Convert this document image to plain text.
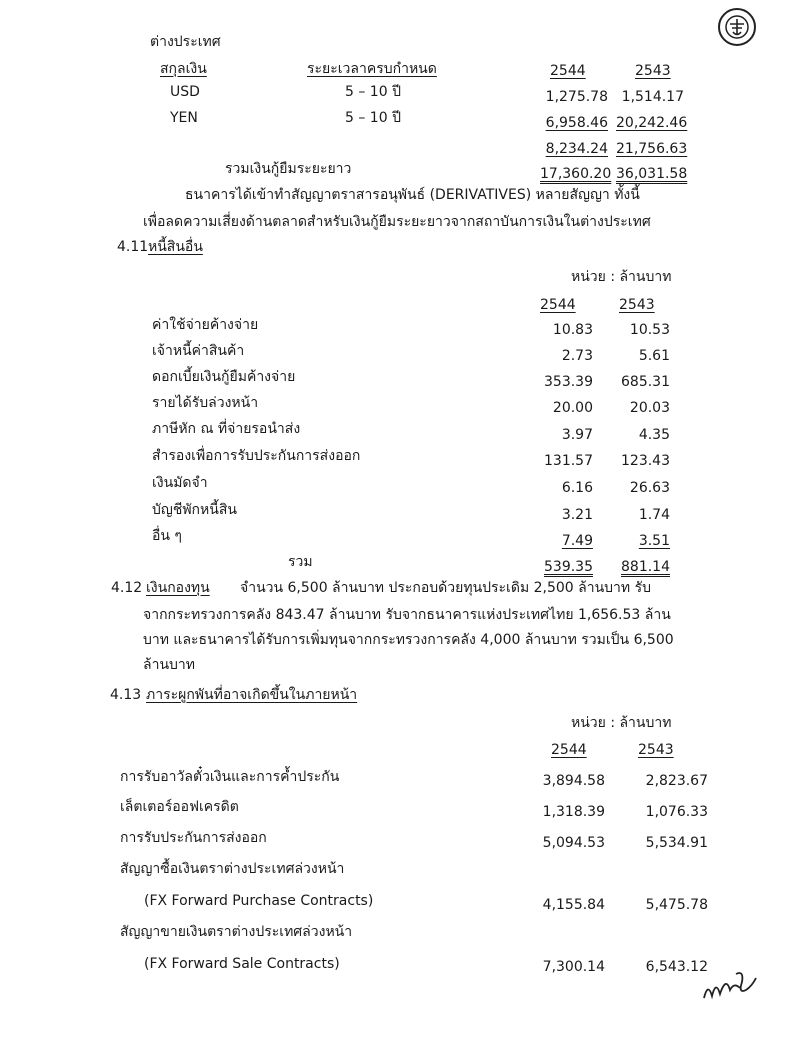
ต่างประเทศ
สกุลเงิน	ระยะเวลาครบกำหนด	2544	2543
USD	5 – 10 ปี	1,275.78 1,514.17
YEN	5 – 10 ปี	6,958.46 20,242.46
8,234.24 21,756.63
รวมเงินกู้ยืมระยะยาว	17,360.20 36,031.58
ธนาคารได้เข้าทำสัญญาตราสารอนุพันธ์ (DERIVATIVES) หลายสัญญา ทั้งนี้
เพื่อลดความเสี่ยงด้านตลาดสำหรับเงินกู้ยืมระยะยาวจากสถาบันการเงินในต่างประเทศ
4.11 หนี้สินอื่น
หน่วย : ล้านบาท
2544	2543
ค่าใช้จ่ายค้างจ่าย	10.83	10.53
เจ้าหนี้ค่าสินค้า	2.73	5.61
ดอกเบี้ยเงินกู้ยืมค้างจ่าย	353.39	685.31
รายได้รับล่วงหน้า	20.00	20.03
ภาษีหัก ณ ที่จ่ายรอนำส่ง	3.97	4.35
สำรองเพื่อการรับประกันการส่งออก	131.57	123.43
เงินมัดจำ	6.16	26.63
บัญชีพักหนี้สิน	3.21	1.74
อื่น ๆ	7.49	3.51
รวม	539.35	881.14
4.12 เงินกองทุน จำนวน 6,500 ล้านบาท ประกอบด้วยทุนประเดิม 2,500 ล้านบาท รับ
จากกระทรวงการคลัง 843.47 ล้านบาท รับจากธนาคารแห่งประเทศไทย 1,656.53 ล้าน
บาท และธนาคารได้รับการเพิ่มทุนจากกระทรวงการคลัง 4,000 ล้านบาท รวมเป็น 6,500
ล้านบาท
4.13 ภาระผูกพันที่อาจเกิดขึ้นในภายหน้า
หน่วย : ล้านบาท
2544	2543
การรับอาวัลตั๋วเงินและการค้ำประกัน	3,894.58	2,823.67
เล็ตเตอร์ออฟเครดิต	1,318.39	1,076.33
การรับประกันการส่งออก	5,094.53	5,534.91
สัญญาซื้อเงินตราต่างประเทศล่วงหน้า
(FX Forward Purchase Contracts)	4,155.84	5,475.78
สัญญาขายเงินตราต่างประเทศล่วงหน้า
(FX Forward Sale Contracts)	7,300.14	6,543.12
